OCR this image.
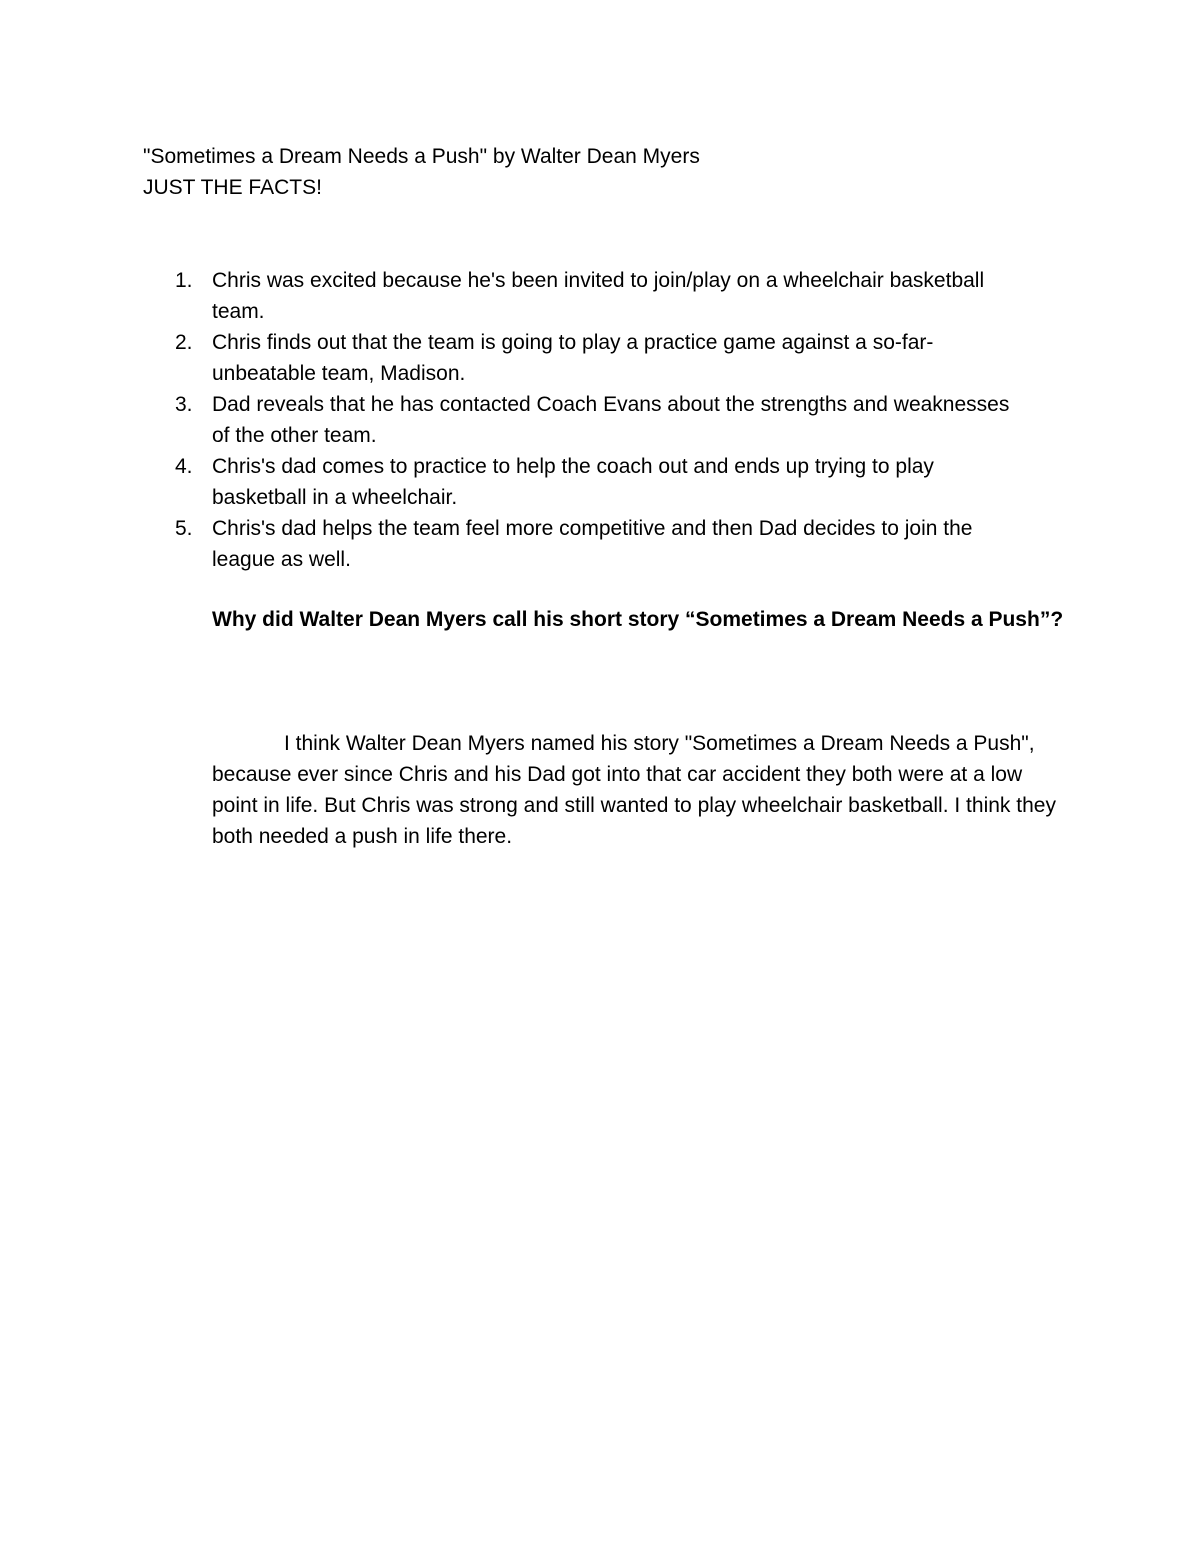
"Sometimes a Dream Needs a Push" by Walter Dean Myers
JUST THE FACTS!
1. Chris was excited because he's been invited to join/play on a wheelchair basketball team.
2. Chris finds out that the team is going to play a practice game against a so-far-unbeatable team, Madison.
3. Dad reveals that he has contacted Coach Evans about the strengths and weaknesses of the other team.
4. Chris's dad comes to practice to help the coach out and ends up trying to play basketball in a wheelchair.
5. Chris's dad helps the team feel more competitive and then Dad decides to join the league as well.
Why did Walter Dean Myers call his short story “Sometimes a Dream Needs a Push”?
I think Walter Dean Myers named his story "Sometimes a Dream Needs a Push", because ever since Chris and his Dad got into that car accident they both were at a low point in life. But Chris was strong and still wanted to play wheelchair basketball. I think they both needed a push in life there.
